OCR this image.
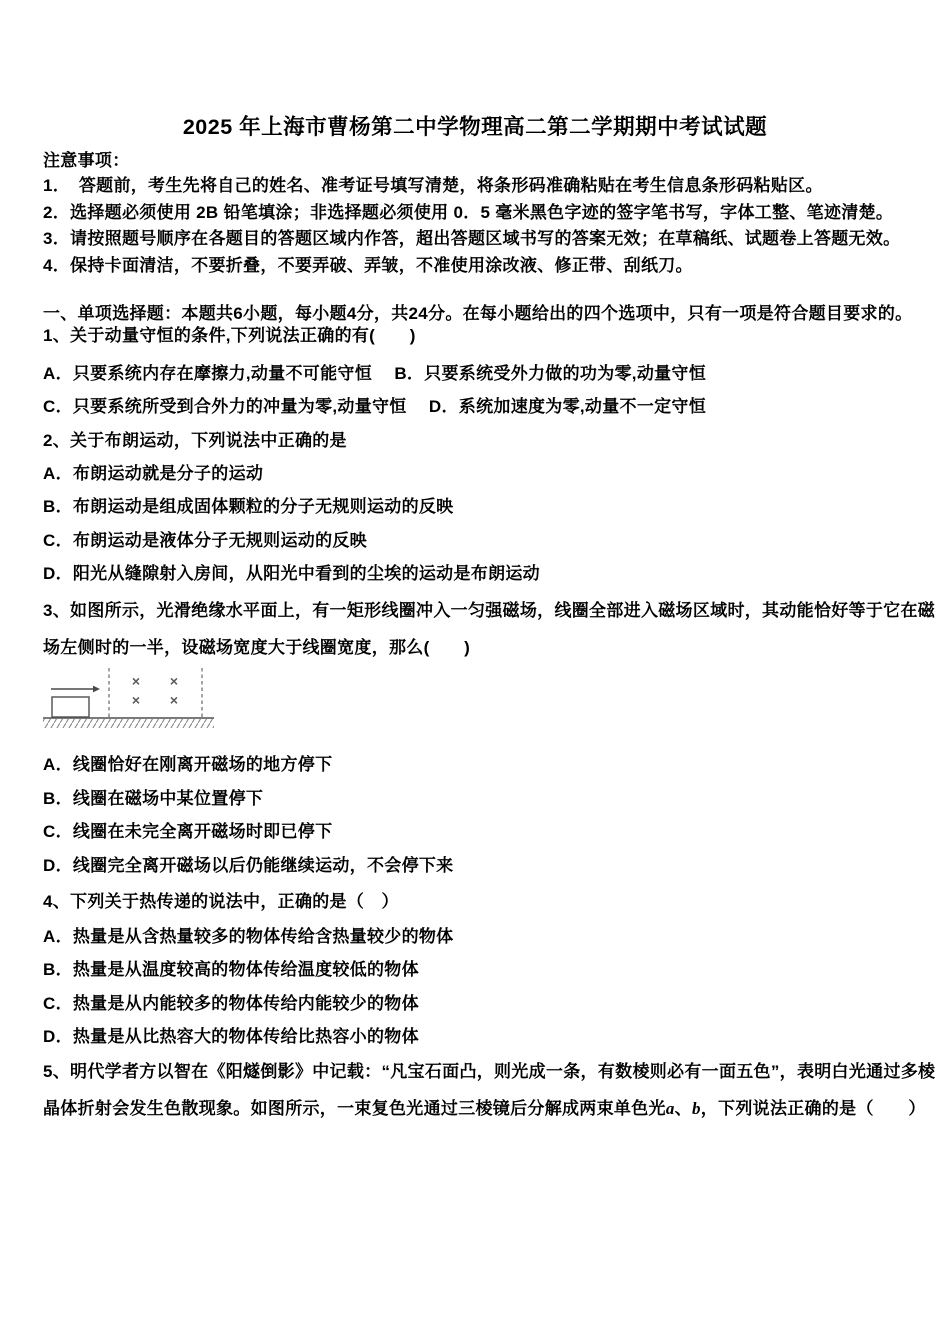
2025 年上海市曹杨第二中学物理高二第二学期期中考试试题
注意事项：
1．　答题前，考生先将自己的姓名、准考证号填写清楚，将条形码准确粘贴在考生信息条形码粘贴区。
2．选择题必须使用 2B 铅笔填涂；非选择题必须使用 0．5 毫米黑色字迹的签字笔书写，字体工整、笔迹清楚。
3．请按照题号顺序在各题目的答题区域内作答，超出答题区域书写的答案无效；在草稿纸、试题卷上答题无效。
4．保持卡面清洁，不要折叠，不要弄破、弄皱，不准使用涂改液、修正带、刮纸刀。
一、单项选择题：本题共6小题，每小题4分，共24分。在每小题给出的四个选项中，只有一项是符合题目要求的。
1、关于动量守恒的条件,下列说法正确的有(　　)
A．只要系统内存在摩擦力,动量不可能守恒　 B．只要系统受外力做的功为零,动量守恒
C．只要系统所受到合外力的冲量为零,动量守恒　 D．系统加速度为零,动量不一定守恒
2、关于布朗运动，下列说法中正确的是
A．布朗运动就是分子的运动
B．布朗运动是组成固体颗粒的分子无规则运动的反映
C．布朗运动是液体分子无规则运动的反映
D．阳光从缝隙射入房间，从阳光中看到的尘埃的运动是布朗运动
3、如图所示，光滑绝缘水平面上，有一矩形线圈冲入一匀强磁场，线圈全部进入磁场区域时，其动能恰好等于它在磁
场左侧时的一半，设磁场宽度大于线圈宽度，那么(　　)
× ×
× ×
A．线圈恰好在刚离开磁场的地方停下
B．线圈在磁场中某位置停下
C．线圈在未完全离开磁场时即已停下
D．线圈完全离开磁场以后仍能继续运动，不会停下来
4、下列关于热传递的说法中，正确的是（　）
A．热量是从含热量较多的物体传给含热量较少的物体
B．热量是从温度较高的物体传给温度较低的物体
C．热量是从内能较多的物体传给内能较少的物体
D．热量是从比热容大的物体传给比热容小的物体
5、明代学者方以智在《阳燧倒影》中记载：“凡宝石面凸，则光成一条，有数棱则必有一面五色”，表明白光通过多棱
晶体折射会发生色散现象。如图所示，一束复色光通过三棱镜后分解成两束单色光a、b，下列说法正确的是（　　）
